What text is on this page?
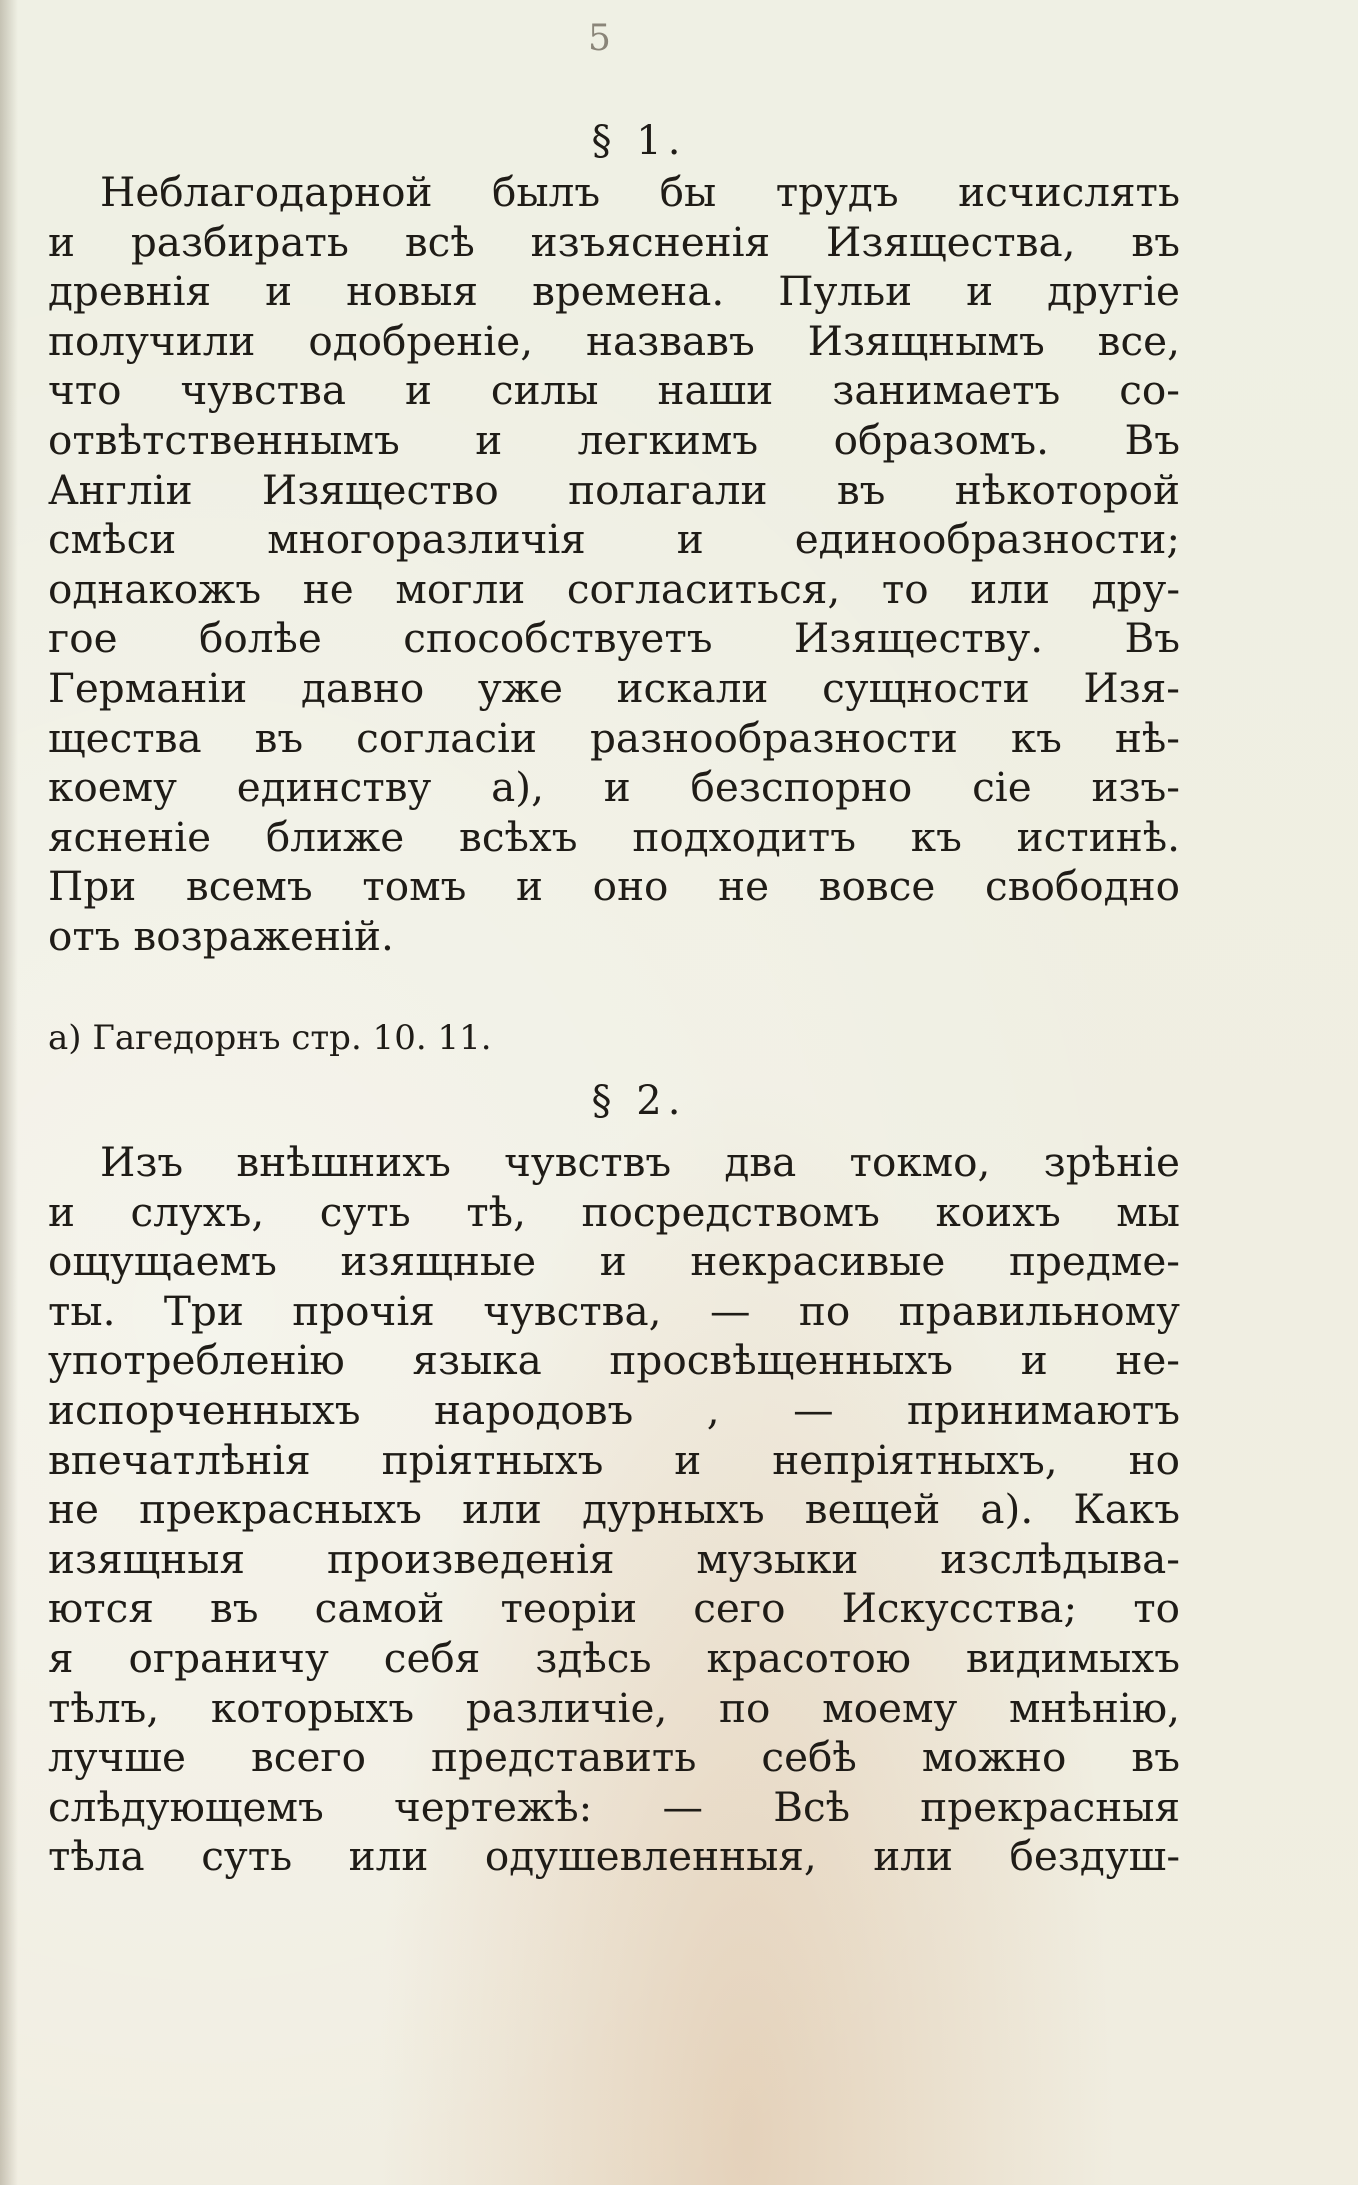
5
§ 1.
Неблагодарной былъ бы трудъ исчислять
и разбирать всѣ изъясненія Изящества, въ
древнія и новыя времена. Пульи и другіе
получили одобреніе, назвавъ Изящнымъ все,
что чувства и силы наши занимаетъ со-
отвѣтственнымъ и легкимъ образомъ. Въ
Англіи Изящество полагали въ нѣкоторой
смѣси многоразличія и единообразности;
однакожъ не могли согласиться, то или дру-
гое болѣе способствуетъ Изяществу. Въ
Германіи давно уже искали сущности Изя-
щества въ согласіи разнообразности къ нѣ-
коему единству а), и безспорно сіе изъ-
ясненіе ближе всѣхъ подходитъ къ истинѣ.
При всемъ томъ и оно не вовсе свободно
отъ возраженій.
а) Гагедорнъ стр. 10. 11.
§ 2.
Изъ внѣшнихъ чувствъ два токмо, зрѣніе
и слухъ, суть тѣ, посредствомъ коихъ мы
ощущаемъ изящные и некрасивые предме-
ты. Три прочія чувства, — по правильному
употребленію языка просвѣщенныхъ и не-
испорченныхъ народовъ , — принимаютъ
впечатлѣнія пріятныхъ и непріятныхъ, но
не прекрасныхъ или дурныхъ вещей а). Какъ
изящныя произведенія музыки изслѣдыва-
ются въ самой теоріи сего Искусства; то
я ограничу себя здѣсь красотою видимыхъ
тѣлъ, которыхъ различіе, по моему мнѣнію,
лучше всего представить себѣ можно въ
слѣдующемъ чертежѣ: — Всѣ прекрасныя
тѣла суть или одушевленныя, или бездуш-
